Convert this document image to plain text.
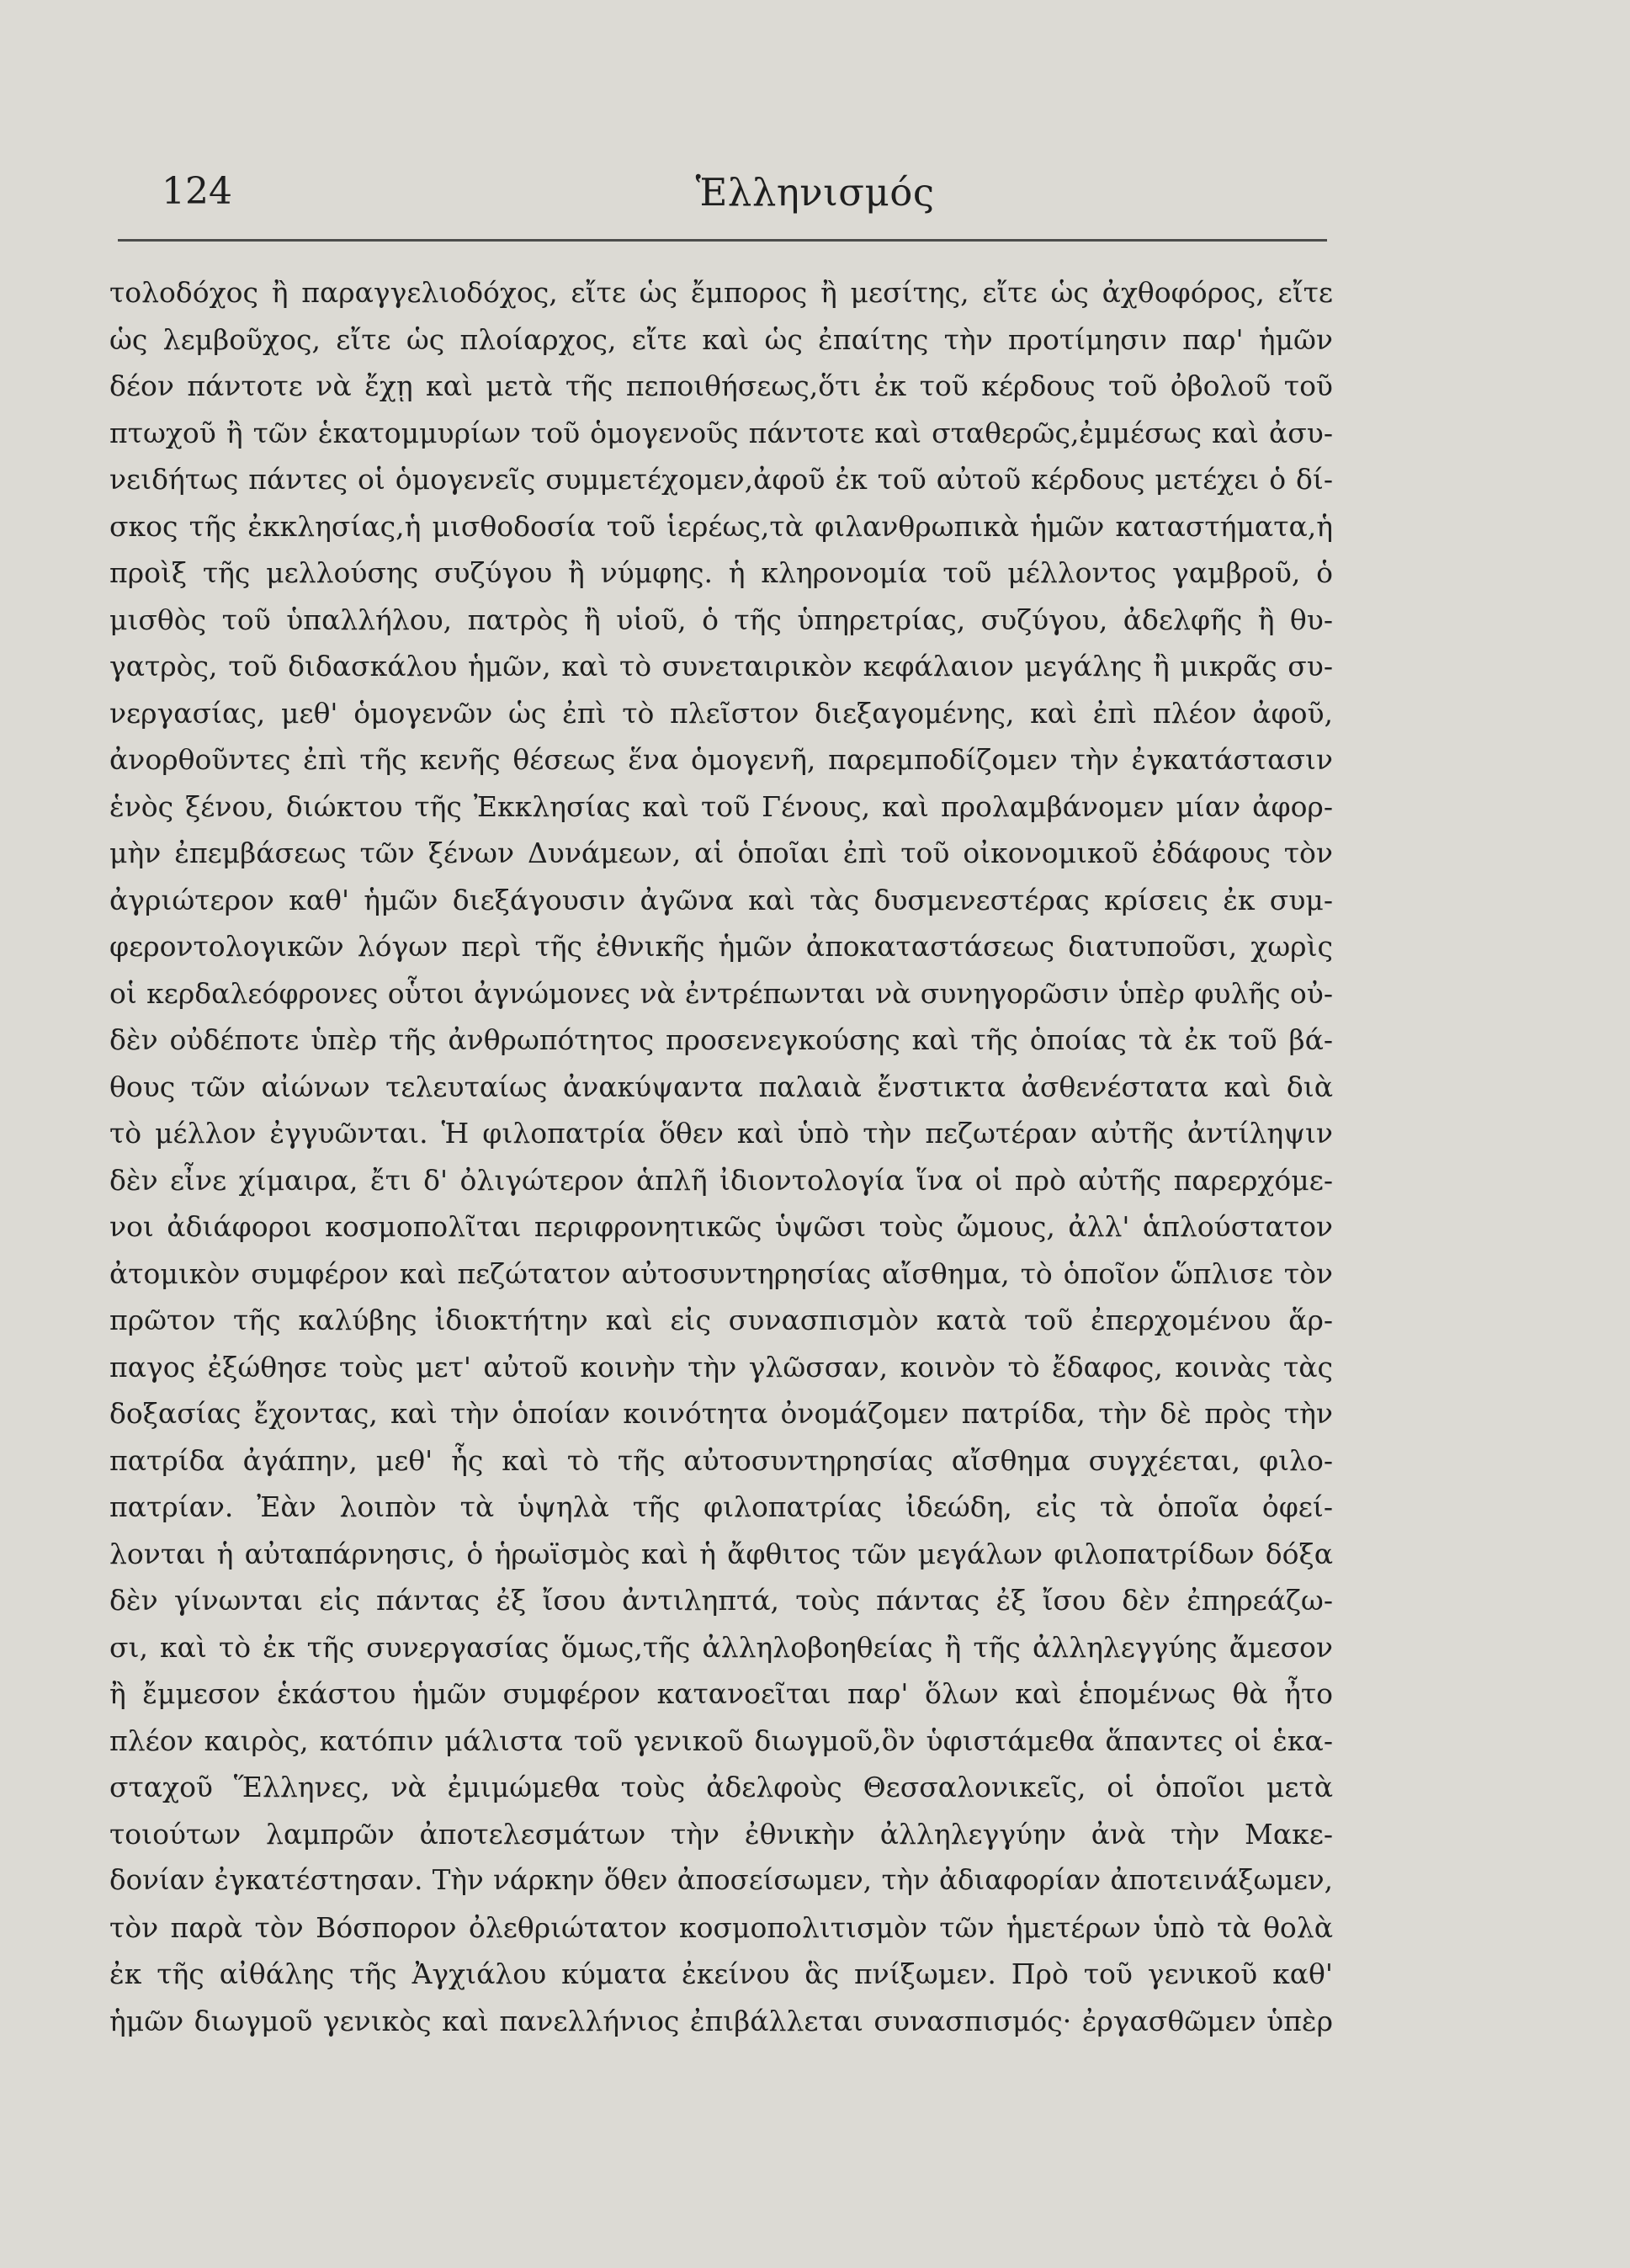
124	Ἑλληνισμός
τολοδόχος ἢ παραγγελιοδόχος, εἴτε ὡς ἔμπορος ἢ μεσίτης, εἴτε ὡς ἀχθοφόρος, εἴτε
ὡς λεμβοῦχος, εἴτε ὡς πλοίαρχος, εἴτε καὶ ὡς ἐπαίτης τὴν προτίμησιν παρ' ἡμῶν
δέον πάντοτε νὰ ἔχῃ καὶ μετὰ τῆς πεποιθήσεως,ὅτι ἐκ τοῦ κέρδους τοῦ ὀβολοῦ τοῦ
πτωχοῦ ἢ τῶν ἑκατομμυρίων τοῦ ὁμογενοῦς πάντοτε καὶ σταθερῶς,ἐμμέσως καὶ ἀσυ-
νειδήτως πάντες οἱ ὁμογενεῖς συμμετέχομεν,ἀφοῦ ἐκ τοῦ αὐτοῦ κέρδους μετέχει ὁ δί-
σκος τῆς ἐκκλησίας,ἡ μισθοδοσία τοῦ ἱερέως,τὰ φιλανθρωπικὰ ἡμῶν καταστήματα,ἡ
προὶξ τῆς μελλούσης συζύγου ἢ νύμφης. ἡ κληρονομία τοῦ μέλλοντος γαμβροῦ, ὁ
μισθὸς τοῦ ὑπαλλήλου, πατρὸς ἢ υἱοῦ, ὁ τῆς ὑπηρετρίας, συζύγου, ἀδελφῆς ἢ θυ-
γατρὸς, τοῦ διδασκάλου ἡμῶν, καὶ τὸ συνεταιρικὸν κεφάλαιον μεγάλης ἢ μικρᾶς συ-
νεργασίας, μεθ' ὁμογενῶν ὡς ἐπὶ τὸ πλεῖστον διεξαγομένης, καὶ ἐπὶ πλέον ἀφοῦ,
ἀνορθοῦντες ἐπὶ τῆς κενῆς θέσεως ἕνα ὁμογενῆ, παρεμποδίζομεν τὴν ἐγκατάστασιν
ἑνὸς ξένου, διώκτου τῆς Ἐκκλησίας καὶ τοῦ Γένους, καὶ προλαμβάνομεν μίαν ἀφορ-
μὴν ἐπεμβάσεως τῶν ξένων Δυνάμεων, αἱ ὁποῖαι ἐπὶ τοῦ οἰκονομικοῦ ἐδάφους τὸν
ἀγριώτερον καθ' ἡμῶν διεξάγουσιν ἀγῶνα καὶ τὰς δυσμενεστέρας κρίσεις ἐκ συμ-
φεροντολογικῶν λόγων περὶ τῆς ἐθνικῆς ἡμῶν ἀποκαταστάσεως διατυποῦσι, χωρὶς
οἱ κερδαλεόφρονες οὗτοι ἀγνώμονες νὰ ἐντρέπωνται νὰ συνηγορῶσιν ὑπὲρ φυλῆς οὐ-
δὲν οὐδέποτε ὑπὲρ τῆς ἀνθρωπότητος προσενεγκούσης καὶ τῆς ὁποίας τὰ ἐκ τοῦ βά-
θους τῶν αἰώνων τελευταίως ἀνακύψαντα παλαιὰ ἔνστικτα ἀσθενέστατα καὶ διὰ
τὸ μέλλον ἐγγυῶνται. Ἡ φιλοπατρία ὅθεν καὶ ὑπὸ τὴν πεζωτέραν αὐτῆς ἀντίληψιν
δὲν εἶνε χίμαιρα, ἔτι δ' ὀλιγώτερον ἁπλῆ ἰδιοντολογία ἵνα οἱ πρὸ αὐτῆς παρερχόμε-
νοι ἀδιάφοροι κοσμοπολῖται περιφρονητικῶς ὑψῶσι τοὺς ὤμους, ἀλλ' ἁπλούστατον
ἀτομικὸν συμφέρον καὶ πεζώτατον αὐτοσυντηρησίας αἴσθημα, τὸ ὁποῖον ὥπλισε τὸν
πρῶτον τῆς καλύβης ἰδιοκτήτην καὶ εἰς συνασπισμὸν κατὰ τοῦ ἐπερχομένου ἅρ-
παγος ἐξώθησε τοὺς μετ' αὐτοῦ κοινὴν τὴν γλῶσσαν, κοινὸν τὸ ἔδαφος, κοινὰς τὰς
δοξασίας ἔχοντας, καὶ τὴν ὁποίαν κοινότητα ὀνομάζομεν πατρίδα, τὴν δὲ πρὸς τὴν
πατρίδα ἀγάπην, μεθ' ἧς καὶ τὸ τῆς αὐτοσυντηρησίας αἴσθημα συγχέεται, φιλο-
πατρίαν. Ἐὰν λοιπὸν τὰ ὑψηλὰ τῆς φιλοπατρίας ἰδεώδη, εἰς τὰ ὁποῖα ὀφεί-
λονται ἡ αὐταπάρνησις, ὁ ἡρωϊσμὸς καὶ ἡ ἄφθιτος τῶν μεγάλων φιλοπατρίδων δόξα
δὲν γίνωνται εἰς πάντας ἐξ ἴσου ἀντιληπτά, τοὺς πάντας ἐξ ἴσου δὲν ἐπηρεάζω-
σι, καὶ τὸ ἐκ τῆς συνεργασίας ὅμως,τῆς ἀλληλοβοηθείας ἢ τῆς ἀλληλεγγύης ἄμεσον
ἢ ἔμμεσον ἑκάστου ἡμῶν συμφέρον κατανοεῖται παρ' ὅλων καὶ ἑπομένως θὰ ἦτο
πλέον καιρὸς, κατόπιν μάλιστα τοῦ γενικοῦ διωγμοῦ,ὃν ὑφιστάμεθα ἅπαντες οἱ ἑκα-
σταχοῦ Ἕλληνες, νὰ ἐμιμώμεθα τοὺς ἀδελφοὺς Θεσσαλονικεῖς, οἱ ὁποῖοι μετὰ
τοιούτων λαμπρῶν ἀποτελεσμάτων τὴν ἐθνικὴν ἀλληλεγγύην ἀνὰ τὴν Μακε-
δονίαν ἐγκατέστησαν. Τὴν νάρκην ὅθεν ἀποσείσωμεν, τὴν ἀδιαφορίαν ἀποτεινάξωμεν,
τὸν παρὰ τὸν Βόσπορον ὀλεθριώτατον κοσμοπολιτισμὸν τῶν ἡμετέρων ὑπὸ τὰ θολὰ
ἐκ τῆς αἰθάλης τῆς Ἀγχιάλου κύματα ἐκείνου ἃς πνίξωμεν. Πρὸ τοῦ γενικοῦ καθ'
ἡμῶν διωγμοῦ γενικὸς καὶ πανελλήνιος ἐπιβάλλεται συνασπισμός· ἐργασθῶμεν ὑπὲρ
